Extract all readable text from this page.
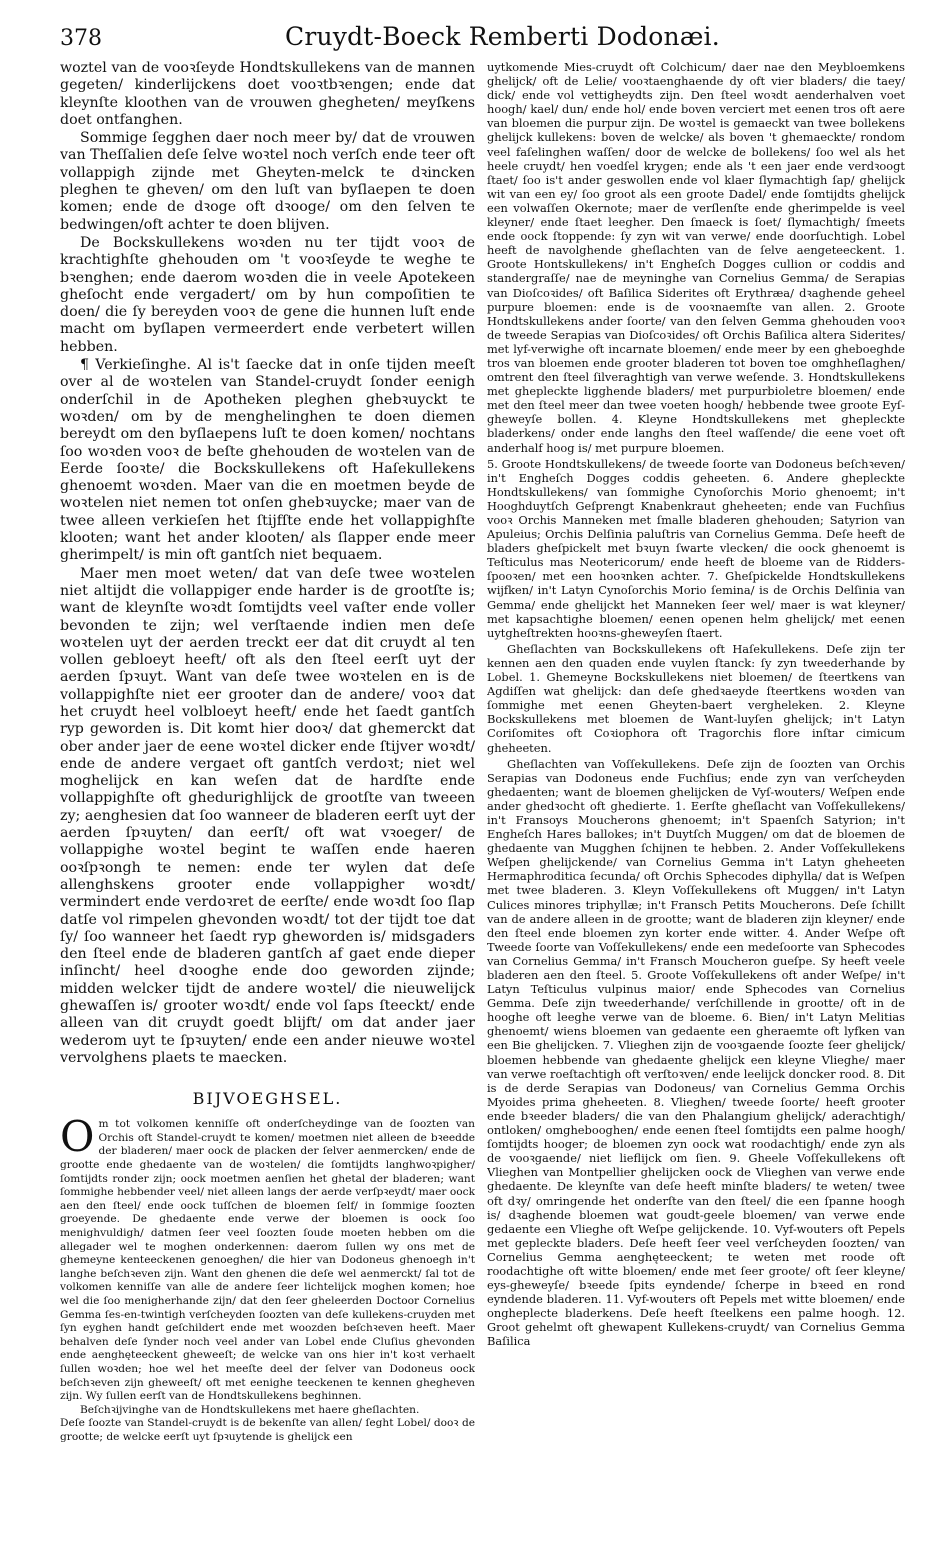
378	Cruydt-Boeck Remberti Dodonæi.

woztel van de vooꝛſeyde Hondtskullekens van de mannen gegeten/ kinderlijckens doet vooꝛtbꝛengen; ende dat kleynſte kloothen van de vrouwen ghegheten/ meyſkens doet ontfanghen.

Sommige ſegghen daer noch meer by/ dat de vrouwen van Theſſalien deſe ſelve woꝛtel noch verſch ende teer oft vollappigh zijnde met Gheyten-melck te dꝛincken pleghen te gheven/ om den luſt van byſlaepen te doen komen; ende de dꝛoge oft dꝛooge/ om den ſelven te bedwingen/oft achter te doen blijven.

De Bockskullekens woꝛden nu ter tijdt vooꝛ de krachtighſte ghehouden om 't vooꝛſeyde te weghe te bꝛenghen; ende daerom woꝛden die in veele Apotekeen gheſocht ende vergadert/ om by hun compoſitien te doen/ die ſy bereyden vooꝛ de gene die hunnen luſt ende macht om byſlapen vermeerdert ende verbetert willen hebben.

¶ Verkieſinghe. Al is't ſaecke dat in onſe tijden meeſt over al de woꝛtelen van Standel-cruydt ſonder eenigh onderſchil in de Apotheken pleghen ghebꝛuyckt te woꝛden/ om by de menghelinghen te doen diemen bereydt om den byſlaepens luſt te doen komen/ nochtans ſoo woꝛden vooꝛ de beſte ghehouden de woꝛtelen van de Eerde ſooꝛte/ die Bockskullekens oft Haſekullekens ghenoemt woꝛden. Maer van die en moetmen beyde de woꝛtelen niet nemen tot onſen ghebꝛuycke; maer van de twee alleen verkieſen het ſtijfſte ende het vollappighſte klooten; want het ander klooten/ als ſlapper ende meer gherimpelt/ is min oft gantſch niet bequaem.

Maer men moet weten/ dat van deſe twee woꝛtelen niet altijdt die vollappiger ende harder is de grootſte is; want de kleynſte woꝛdt ſomtijdts veel vaſter ende voller bevonden te zijn; wel verſtaende indien men deſe woꝛtelen uyt der aerden treckt eer dat dit cruydt al ten vollen gebloeyt heeft/ oft als den ſteel eerſt uyt der aerden ſpꝛuyt. Want van deſe twee woꝛtelen en is de vollappighſte niet eer grooter dan de andere/ vooꝛ dat het cruydt heel volbloeyt heeft/ ende het ſaedt gantſch ryp geworden is. Dit komt hier dooꝛ/ dat ghemerckt dat ober ander jaer de eene woꝛtel dicker ende ſtijver woꝛdt/ ende de andere vergaet oft gantſch verdoꝛt; niet wel moghelijck en kan weſen dat de hardſte ende vollappighſte oft ghedurighlijck de grootſte van tweeen zy; aenghesien dat ſoo wanneer de bladeren eerſt uyt der aerden ſpꝛuyten/ dan eerſt/ oft wat vꝛoeger/ de vollappighe woꝛtel begint te waſſen ende haeren ooꝛſpꝛongh te nemen: ende ter wylen dat deſe allenghskens grooter ende vollappigher woꝛdt/ vermindert ende verdoꝛret de eerſte/ ende woꝛdt ſoo ſlap datſe vol rimpelen ghevonden woꝛdt/ tot der tijdt toe dat ſy/ ſoo wanneer het ſaedt ryp gheworden is/ midsgaders den ſteel ende de bladeren gantſch af gaet ende dieper inſincht/ heel dꝛooghe ende doo geworden zijnde; midden welcker tijdt de andere woꝛtel/ die nieuwelijck ghewaſſen is/ grooter woꝛdt/ ende vol ſaps ſteeckt/ ende alleen van dit cruydt goedt blijft/ om dat ander jaer wederom uyt te ſpꝛuyten/ ende een ander nieuwe woꝛtel vervolghens plaets te maecken.

BIJVOEGHSEL.

Om tot volkomen kenniſſe oft onderſcheydinge van de ſoozten van Orchis oft Standel-cruydt te komen/ moetmen niet alleen de bꝛeedde der bladeren/ maer oock de placken der ſelver aenmercken/ ende de grootte ende ghedaente van de woꝛtelen/ die ſomtijdts langhwoꝛpigher/ ſomtijdts ronder zijn; oock moetmen aenſien het ghetal der bladeren; want ſommighe hebbender veel/ niet alleen langs der aerde verſpꝛeydt/ maer oock aen den ſteel/ ende oock tuſſchen de bloemen ſelf/ in ſommige ſoozten groeyende. De ghedaente ende verwe der bloemen is oock ſoo menighvuldigh/ datmen ſeer veel ſoozten ſoude moeten hebben om die allegader wel te moghen onderkennen: daerom ſullen wy ons met de ghemeyne kenteeckenen genoeghen/ die hier van Dodoneus ghenoegh in't langhe beſchꝛeven zijn. Want den ghenen die deſe wel aenmerckt/ ſal tot de volkomen kenniſſe van alle de andere ſeer lichtelijck moghen komen; hoe wel die ſoo menigherhande zijn/ dat den ſeer gheleerden Doctoor Cornelius Gemma ſes-en-twintigh verſcheyden ſoozten van deſe kullekens-cruyden met ſyn eyghen handt geſchildert ende met woozden beſchꝛeven heeft. Maer behalven deſe ſynder noch veel ander van Lobel ende Cluſius ghevonden ende aenghęteeckent gheweeſt; de welcke van ons hier in't koꝛt verhaelt ſullen woꝛden; hoe wel het meeſte deel der ſelver van Dodoneus oock beſchꝛeven zijn gheweeſt/ oft met eenighe teeckenen te kennen ghegheven zijn. Wy ſullen eerſt van de Hondtskullekens beghinnen.

Beſchꝛijvinghe van de Hondtskullekens met haere gheſlachten.

Deſe ſoozte van Standel-cruydt is de bekenſte van allen/ ſeght Lobel/ dooꝛ de grootte; de welcke eerſt uyt ſpꝛuytende is ghelijck een

uytkomende Mies-cruydt oft Colchicum/ daer nae den Meybloemkens ghelijck/ oft de Lelie/ vooꝛtaenghaende dy oft vier bladers/ die taey/ dick/ ende vol vettigheydts zijn. Den ſteel woꝛdt aenderhalven voet hoogh/ kael/ dun/ ende hol/ ende boven verciert met eenen tros oft aere van bloemen die purpur zijn. De woꝛtel is gemaeckt van twee bollekens ghelijck kullekens: boven de welcke/ als boven 't ghemaeckte/ rondom veel faſelinghen waſſen/ door de welcke de bollekens/ ſoo wel als het heele cruydt/ hen voedſel krygen; ende als 't een jaer ende verdꝛoogt ſtaet/ ſoo is't ander geswollen ende vol klaer ſlymachtigh ſap/ ghelijck wit van een ey/ ſoo groot als een groote Dadel/ ende ſomtijdts ghelijck een volwaſſen Okernote; maer de verſlenſte ende gherimpelde is veel kleyner/ ende ſtaet leegher. Den ſmaeck is ſoet/ ſlymachtigh/ ſmeets ende oock ſtoppende: ſy zyn wit van verwe/ ende doorſuchtigh. Lobel heeft de navolghende gheſlachten van de ſelve aengeteeckent. 1. Groote Hontskullekens/ in't Engheſch Dogges cullion or coddis and standergraſſe/ nae de meyninghe van Cornelius Gemma/ de Serapias van Dioſcoꝛides/ oft Baſilica Siderites oft Erythræa/ dꝛaghende geheel purpure bloemen: ende is de vooꝛnaemſte van allen. 2. Groote Hondtskullekens ander ſoorte/ van den ſelven Gemma ghehouden vooꝛ de tweede Serapias van Dioſcoꝛides/ oft Orchis Baſilica altera Siderites/ met lyf-verwighe oft incarnate bloemen/ ende meer by een gheboeghde tros van bloemen ende grooter bladeren tot boven toe omghheſlaghen/ omtrent den ſteel ſilveraghtigh van verwe weſende. 3. Hondtskullekens met ghepleckte ligghende bladers/ met purpurbioletre bloemen/ ende met den ſteel meer dan twee voeten hoogh/ hebbende twee groote Eyſ-gheweyſe bollen. 4. Kleyne Hondtskullekens met ghepleckte bladerkens/ onder ende langhs den ſteel waſſende/ die eene voet oft anderhalf hoog is/ met purpure bloemen.

5. Groote Hondtskullekens/ de tweede ſoorte van Dodoneus beſchꝛeven/ in't Engheſch Dogges coddis geheeten. 6. Andere ghepleckte Hondtskullekens/ van ſommighe Cynoſorchis Morio ghenoemt; in't Hooghduytſch Geſprengt Knabenkraut gheheeten; ende van Fuchſius vooꝛ Orchis Manneken met ſmalle bladeren ghehouden; Satyrion van Apuleius; Orchis Delſinia paluſtris van Cornelius Gemma. Deſe heeft de bladers gheſpickelt met bꝛuyn ſwarte vlecken/ die oock ghenoemt is Teſticulus mas Neotericorum/ ende heeft de bloeme van de Ridders-ſpooꝛen/ met een hooꝛnken achter. 7. Gheſpickelde Hondtskullekens wijfken/ in't Latyn Cynoſorchis Morio ſemina/ is de Orchis Delſinia van Gemma/ ende ghelijckt het Manneken ſeer wel/ maer is wat kleyner/ met kapsachtighe bloemen/ eenen openen helm ghelijck/ met eenen uytgheſtrekten hooꝛns-gheweyſen ſtaert.

Gheſlachten van Bockskullekens oft Haſekullekens. Deſe zijn ter kennen aen den quaden ende vuylen ſtanck: ſy zyn tweederhande by Lobel. 1. Ghemeyne Bockskullekens niet bloemen/ de ſteertkens van Agdiſſen wat ghelijck: dan deſe ghedꝛaeyde ſteertkens woꝛden van ſommighe met eenen Gheyten-baert vergheleken. 2. Kleyne Bockskullekens met bloemen de Want-luyſen ghelijck; in't Latyn Coriſomites oft Coꝛiophora oft Tragorchis flore inſtar cimicum gheheeten.

Gheſlachten van Voſſekullekens. Deſe zijn de ſoozten van Orchis Serapias van Dodoneus ende Fuchſius; ende zyn van verſcheyden ghedaenten; want de bloemen ghelijcken de Vyſ-wouters/ Weſpen ende ander ghedꝛocht oft ghedierte. 1. Eerſte gheſlacht van Voſſekullekens/ in't Fransoys Moucherons ghenoemt; in't Spaenſch Satyrion; in't Engheſch Hares ballokes; in't Duytſch Muggen/ om dat de bloemen de ghedaente van Mugghen ſchijnen te hebben. 2. Ander Voſſekullekens Weſpen ghelijckende/ van Cornelius Gemma in't Latyn gheheeten Hermaphroditica ſecunda/ oft Orchis Sphecodes diphylla/ dat is Weſpen met twee bladeren. 3. Kleyn Voſſekullekens oft Muggen/ in't Latyn Culices minores triphyllæ; in't Fransch Petits Moucherons. Deſe ſchillt van de andere alleen in de grootte; want de bladeren zijn kleyner/ ende den ſteel ende bloemen zyn korter ende witter. 4. Ander Weſpe oft Tweede ſoorte van Voſſekullekens/ ende een medeſoorte van Sphecodes van Cornelius Gemma/ in't Fransch Moucheron gueſpe. Sy heeft veele bladeren aen den ſteel. 5. Groote Voſſekullekens oft ander Weſpe/ in't Latyn Teſticulus vulpinus maior/ ende Sphecodes van Cornelius Gemma. Deſe zijn tweederhande/ verſchillende in grootte/ oft in de hooghe oft leeghe verwe van de bloeme. 6. Bien/ in't Latyn Melitias ghenoemt/ wiens bloemen van gedaente een gheraemte oft lyfken van een Bie ghelijcken. 7. Vlieghen zijn de vooꝛgaende ſoozte ſeer ghelijck/ bloemen hebbende van ghedaente ghelijck een kleyne Vlieghe/ maer van verwe roeſtachtigh oft verſtoꝛven/ ende leelijck doncker rood. 8. Dit is de derde Serapias van Dodoneus/ van Cornelius Gemma Orchis Myoides prima gheheeten. 8. Vlieghen/ tweede ſoorte/ heeft grooter ende bꝛeeder bladers/ die van den Phalangium ghelijck/ aderachtigh/ ontloken/ omghebooghen/ ende eenen ſteel ſomtijdts een palme hoogh/ ſomtijdts hooger; de bloemen zyn oock wat roodachtigh/ ende zyn als de vooꝛgaende/ niet lieflijck om ſien. 9. Gheele Voſſekullekens oft Vlieghen van Montpellier ghelijcken oock de Vlieghen van verwe ende ghedaente. De kleynſte van deſe heeft minſte bladers/ te weten/ twee oft dꝛy/ omringende het onderſte van den ſteel/ die een ſpanne hoogh is/ dꝛaghende bloemen wat goudt-geele bloemen/ van verwe ende gedaente een Vlieghe oft Weſpe gelijckende. 10. Vyf-wouters oft Pepels met gepleckte bladers. Deſe heeft ſeer veel verſcheyden ſoozten/ van Cornelius Gemma aenghęteeckent; te weten met roode oft roodachtighe oft witte bloemen/ ende met ſeer groote/ oft ſeer kleyne/ eys-gheweyſe/ bꝛeede ſpits eyndende/ ſcherpe in bꝛeed en rond eyndende bladeren. 11. Vyf-wouters oft Pepels met witte bloemen/ ende ongheplecte bladerkens. Deſe heeft ſteelkens een palme hoogh. 12. Groot gehelmt oft ghewapent Kullekens-cruydt/ van Cornelius Gemma Baſilica
